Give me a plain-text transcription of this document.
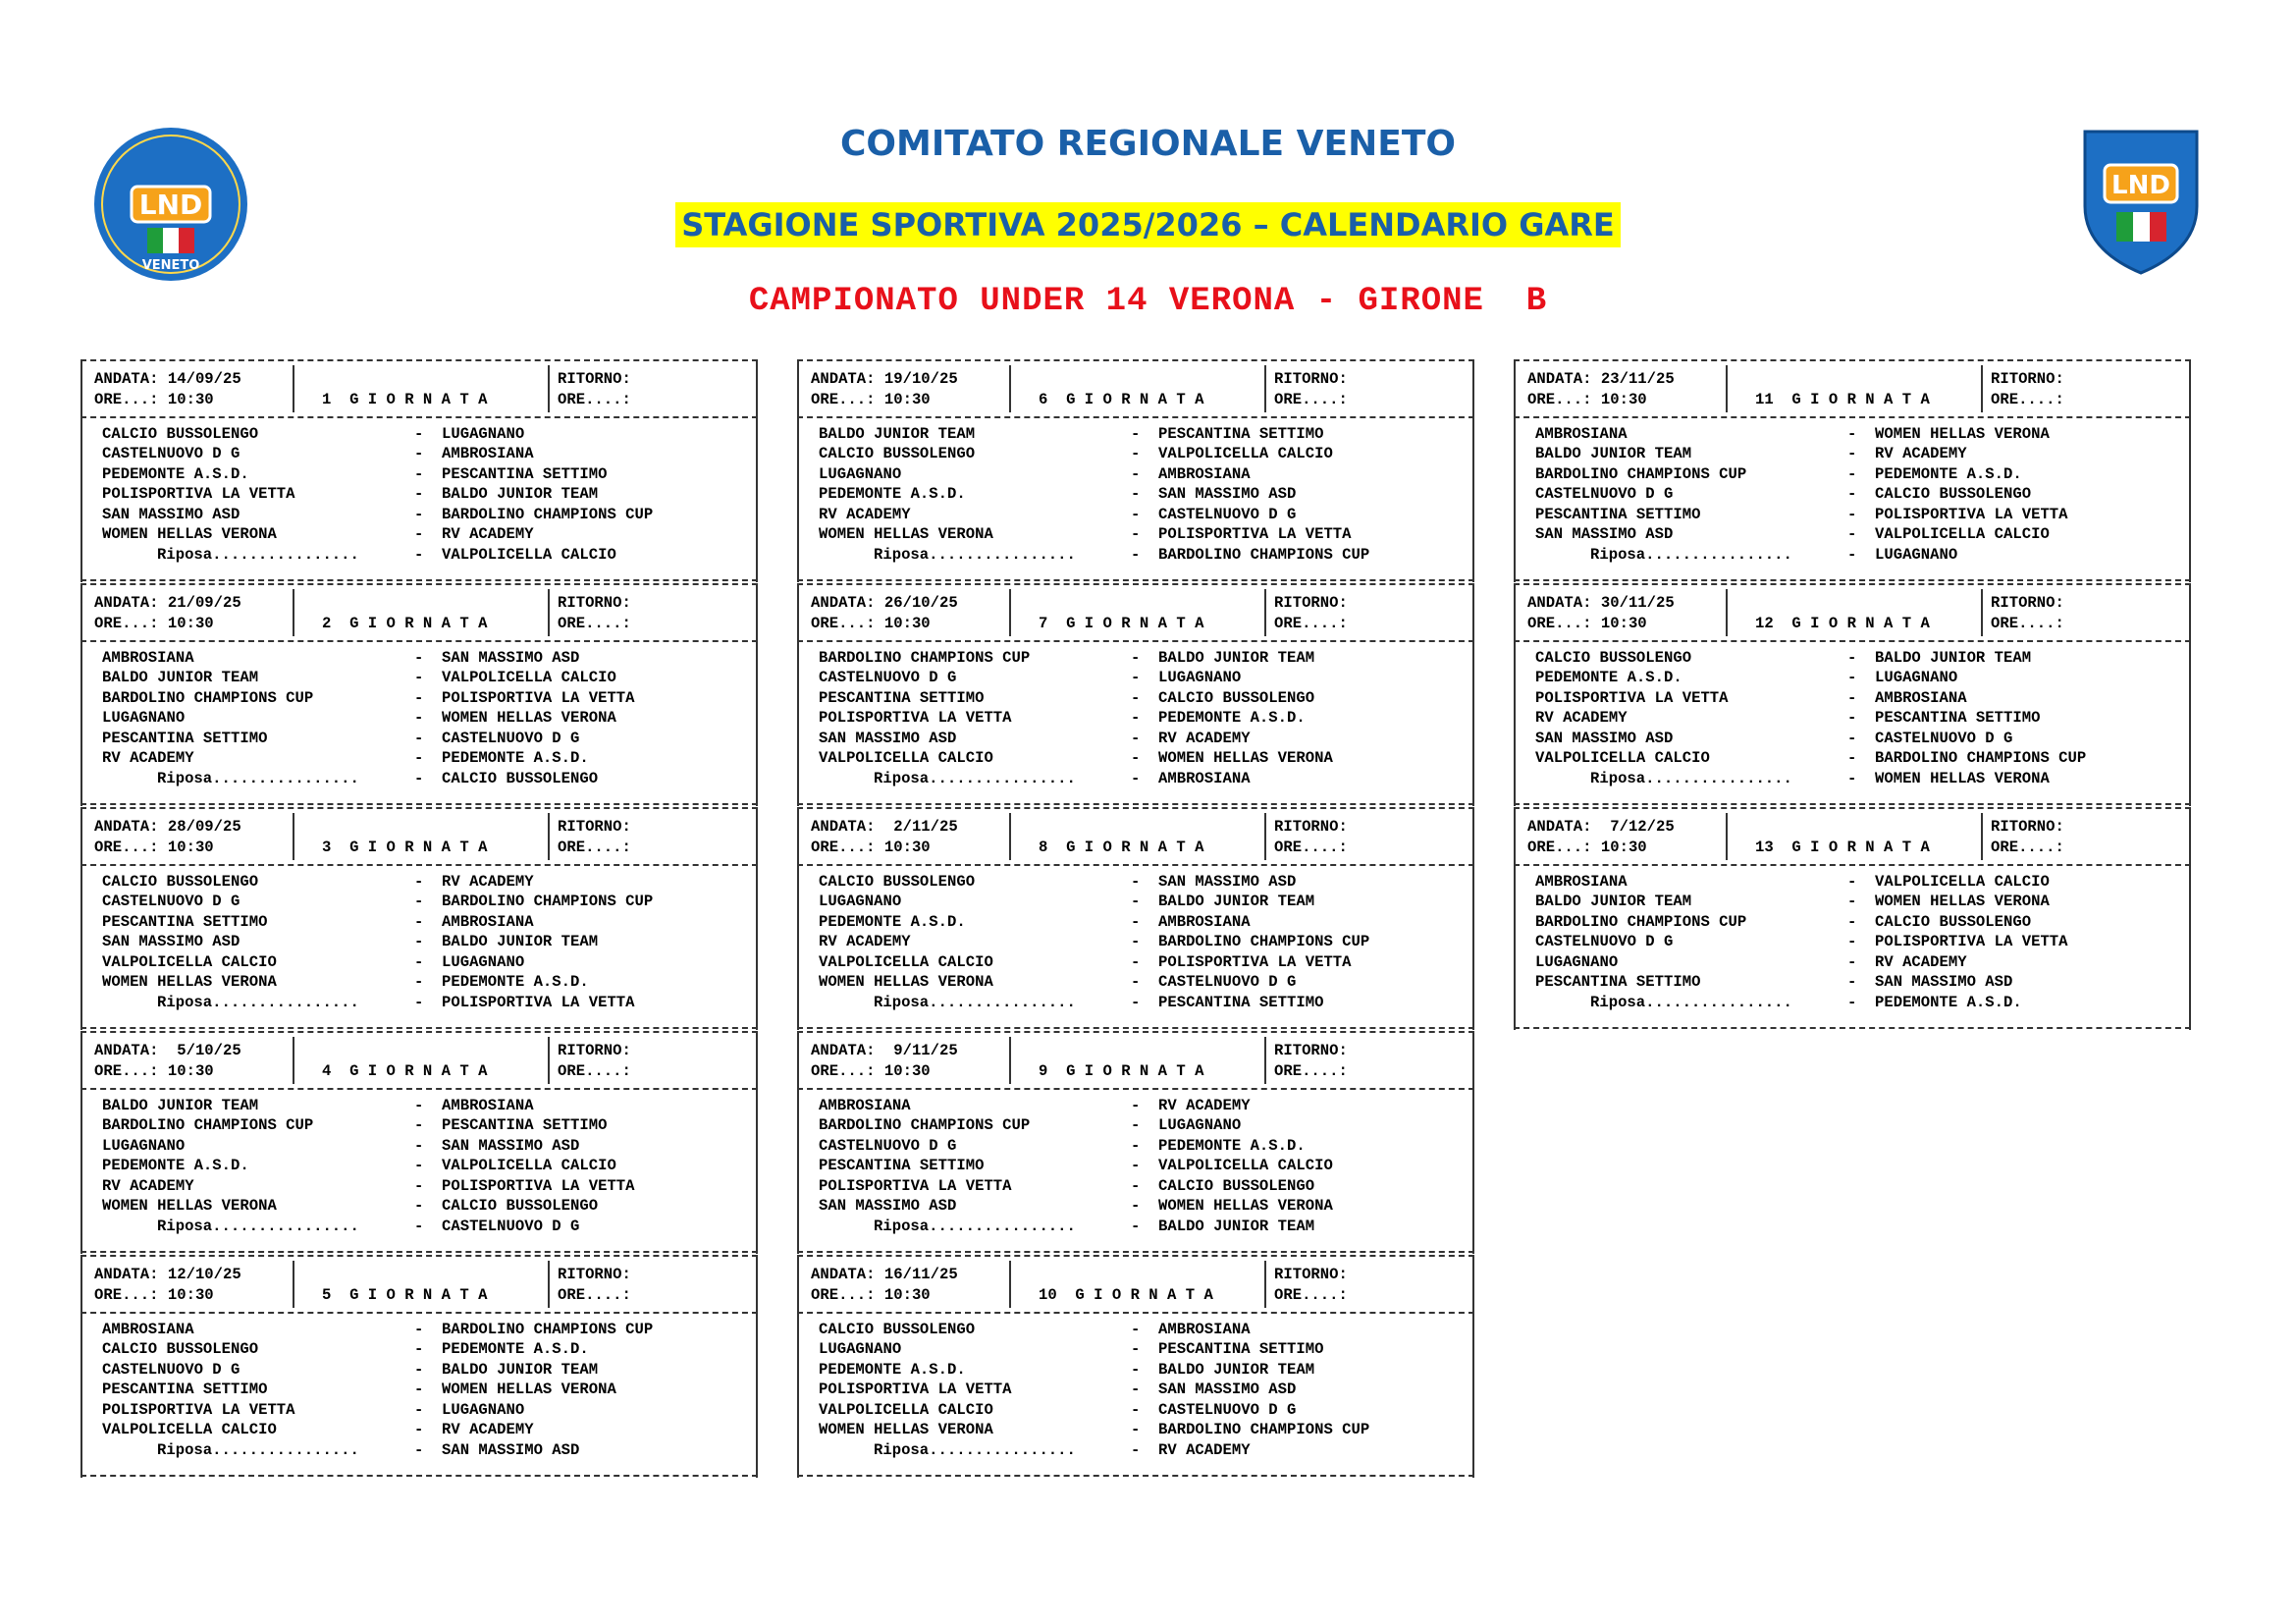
COMITATO REGIONALE VENETO
STAGIONE SPORTIVA 2025/2026 – CALENDARIO GARE
CAMPIONATO UNDER 14 VERONA - GIRONE  B
LND
VENETO
LND
ANDATA: 14/09/25
ORE...: 10:30	1  G I O R N A T A
RITORNO:
ORE....:
CALCIO BUSSOLENGO	- LUGAGNANO
CASTELNUOVO D G	- AMBROSIANA
PEDEMONTE A.S.D.	- PESCANTINA SETTIMO
POLISPORTIVA LA VETTA	- BALDO JUNIOR TEAM
SAN MASSIMO ASD	- BARDOLINO CHAMPIONS CUP
WOMEN HELLAS VERONA	- RV ACADEMY
Riposa................	- VALPOLICELLA CALCIO
ANDATA: 21/09/25
ORE...: 10:30	2  G I O R N A T A
RITORNO:
ORE....:
AMBROSIANA	- SAN MASSIMO ASD
BALDO JUNIOR TEAM	- VALPOLICELLA CALCIO
BARDOLINO CHAMPIONS CUP	- POLISPORTIVA LA VETTA
LUGAGNANO	- WOMEN HELLAS VERONA
PESCANTINA SETTIMO	- CASTELNUOVO D G
RV ACADEMY	- PEDEMONTE A.S.D.
Riposa................	- CALCIO BUSSOLENGO
ANDATA: 28/09/25
ORE...: 10:30	3  G I O R N A T A
RITORNO:
ORE....:
CALCIO BUSSOLENGO	- RV ACADEMY
CASTELNUOVO D G	- BARDOLINO CHAMPIONS CUP
PESCANTINA SETTIMO	- AMBROSIANA
SAN MASSIMO ASD	- BALDO JUNIOR TEAM
VALPOLICELLA CALCIO	- LUGAGNANO
WOMEN HELLAS VERONA	- PEDEMONTE A.S.D.
Riposa................	- POLISPORTIVA LA VETTA
ANDATA:  5/10/25
ORE...: 10:30	4  G I O R N A T A
RITORNO:
ORE....:
BALDO JUNIOR TEAM	- AMBROSIANA
BARDOLINO CHAMPIONS CUP	- PESCANTINA SETTIMO
LUGAGNANO	- SAN MASSIMO ASD
PEDEMONTE A.S.D.	- VALPOLICELLA CALCIO
RV ACADEMY	- POLISPORTIVA LA VETTA
WOMEN HELLAS VERONA	- CALCIO BUSSOLENGO
Riposa................	- CASTELNUOVO D G
ANDATA: 12/10/25
ORE...: 10:30	5  G I O R N A T A
RITORNO:
ORE....:
AMBROSIANA	- BARDOLINO CHAMPIONS CUP
CALCIO BUSSOLENGO	- PEDEMONTE A.S.D.
CASTELNUOVO D G	- BALDO JUNIOR TEAM
PESCANTINA SETTIMO	- WOMEN HELLAS VERONA
POLISPORTIVA LA VETTA	- LUGAGNANO
VALPOLICELLA CALCIO	- RV ACADEMY
Riposa................	- SAN MASSIMO ASD
ANDATA: 19/10/25
ORE...: 10:30	6  G I O R N A T A
RITORNO:
ORE....:
BALDO JUNIOR TEAM	- PESCANTINA SETTIMO
CALCIO BUSSOLENGO	- VALPOLICELLA CALCIO
LUGAGNANO	- AMBROSIANA
PEDEMONTE A.S.D.	- SAN MASSIMO ASD
RV ACADEMY	- CASTELNUOVO D G
WOMEN HELLAS VERONA	- POLISPORTIVA LA VETTA
Riposa................	- BARDOLINO CHAMPIONS CUP
ANDATA: 26/10/25
ORE...: 10:30	7  G I O R N A T A
RITORNO:
ORE....:
BARDOLINO CHAMPIONS CUP	- BALDO JUNIOR TEAM
CASTELNUOVO D G	- LUGAGNANO
PESCANTINA SETTIMO	- CALCIO BUSSOLENGO
POLISPORTIVA LA VETTA	- PEDEMONTE A.S.D.
SAN MASSIMO ASD	- RV ACADEMY
VALPOLICELLA CALCIO	- WOMEN HELLAS VERONA
Riposa................	- AMBROSIANA
ANDATA:  2/11/25
ORE...: 10:30	8  G I O R N A T A
RITORNO:
ORE....:
CALCIO BUSSOLENGO	- SAN MASSIMO ASD
LUGAGNANO	- BALDO JUNIOR TEAM
PEDEMONTE A.S.D.	- AMBROSIANA
RV ACADEMY	- BARDOLINO CHAMPIONS CUP
VALPOLICELLA CALCIO	- POLISPORTIVA LA VETTA
WOMEN HELLAS VERONA	- CASTELNUOVO D G
Riposa................	- PESCANTINA SETTIMO
ANDATA:  9/11/25
ORE...: 10:30	9  G I O R N A T A
RITORNO:
ORE....:
AMBROSIANA	- RV ACADEMY
BARDOLINO CHAMPIONS CUP	- LUGAGNANO
CASTELNUOVO D G	- PEDEMONTE A.S.D.
PESCANTINA SETTIMO	- VALPOLICELLA CALCIO
POLISPORTIVA LA VETTA	- CALCIO BUSSOLENGO
SAN MASSIMO ASD	- WOMEN HELLAS VERONA
Riposa................	- BALDO JUNIOR TEAM
ANDATA: 16/11/25
ORE...: 10:30	10  G I O R N A T A
RITORNO:
ORE....:
CALCIO BUSSOLENGO	- AMBROSIANA
LUGAGNANO	- PESCANTINA SETTIMO
PEDEMONTE A.S.D.	- BALDO JUNIOR TEAM
POLISPORTIVA LA VETTA	- SAN MASSIMO ASD
VALPOLICELLA CALCIO	- CASTELNUOVO D G
WOMEN HELLAS VERONA	- BARDOLINO CHAMPIONS CUP
Riposa................	- RV ACADEMY
ANDATA: 23/11/25
ORE...: 10:30	11  G I O R N A T A
RITORNO:
ORE....:
AMBROSIANA	- WOMEN HELLAS VERONA
BALDO JUNIOR TEAM	- RV ACADEMY
BARDOLINO CHAMPIONS CUP	- PEDEMONTE A.S.D.
CASTELNUOVO D G	- CALCIO BUSSOLENGO
PESCANTINA SETTIMO	- POLISPORTIVA LA VETTA
SAN MASSIMO ASD	- VALPOLICELLA CALCIO
Riposa................	- LUGAGNANO
ANDATA: 30/11/25
ORE...: 10:30	12  G I O R N A T A
RITORNO:
ORE....:
CALCIO BUSSOLENGO	- BALDO JUNIOR TEAM
PEDEMONTE A.S.D.	- LUGAGNANO
POLISPORTIVA LA VETTA	- AMBROSIANA
RV ACADEMY	- PESCANTINA SETTIMO
SAN MASSIMO ASD	- CASTELNUOVO D G
VALPOLICELLA CALCIO	- BARDOLINO CHAMPIONS CUP
Riposa................	- WOMEN HELLAS VERONA
ANDATA:  7/12/25
ORE...: 10:30	13  G I O R N A T A
RITORNO:
ORE....:
AMBROSIANA	- VALPOLICELLA CALCIO
BALDO JUNIOR TEAM	- WOMEN HELLAS VERONA
BARDOLINO CHAMPIONS CUP	- CALCIO BUSSOLENGO
CASTELNUOVO D G	- POLISPORTIVA LA VETTA
LUGAGNANO	- RV ACADEMY
PESCANTINA SETTIMO	- SAN MASSIMO ASD
Riposa................	- PEDEMONTE A.S.D.
